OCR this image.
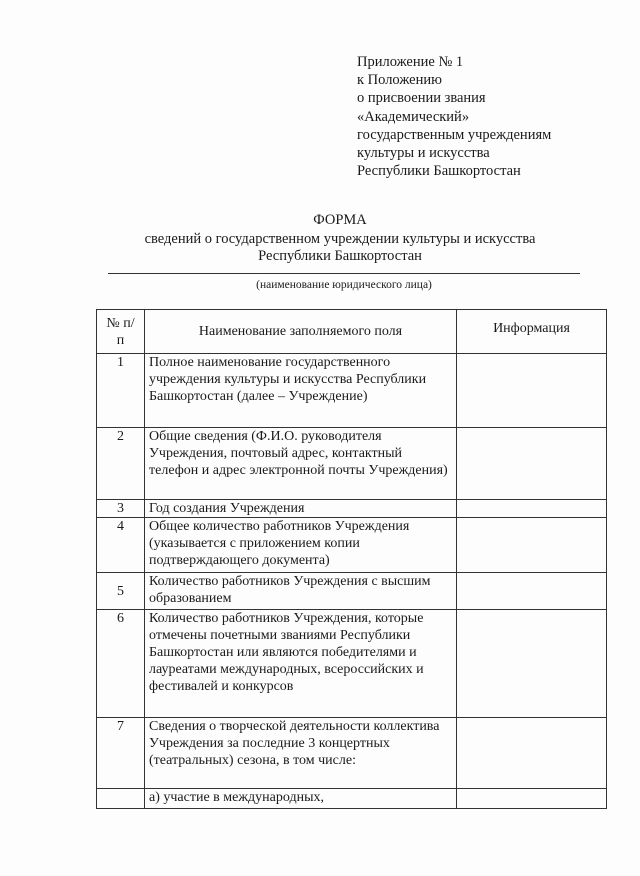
Приложение № 1
к Положению
о присвоении звания
«Академический»
государственным учреждениям
культуры и искусства
Республики Башкортостан
ФОРМА
сведений о государственном учреждении культуры и искусства
Республики Башкортостан
(наименование юридического лица)
№ п/п	Наименование заполняемого поля	Информация
1	Полное наименование государственного учреждения культуры и искусства Республики Башкортостан (далее – Учреждение)	
2	Общие сведения (Ф.И.О. руководителя Учреждения, почтовый адрес, контактный телефон и адрес электронной почты Учреждения)	
3	Год создания Учреждения	
4	Общее количество работников Учреждения (указывается с приложением копии подтверждающего документа)	
5	Количество работников Учреждения с высшим образованием	
6	Количество работников Учреждения, которые отмечены почетными званиями Республики Башкортостан или являются победителями и лауреатами международных, всероссийских и фестивалей и конкурсов	
7	Сведения о творческой деятельности коллектива Учреждения за последние 3 концертных (театральных) сезона, в том числе:	
	а) участие в международных,	
